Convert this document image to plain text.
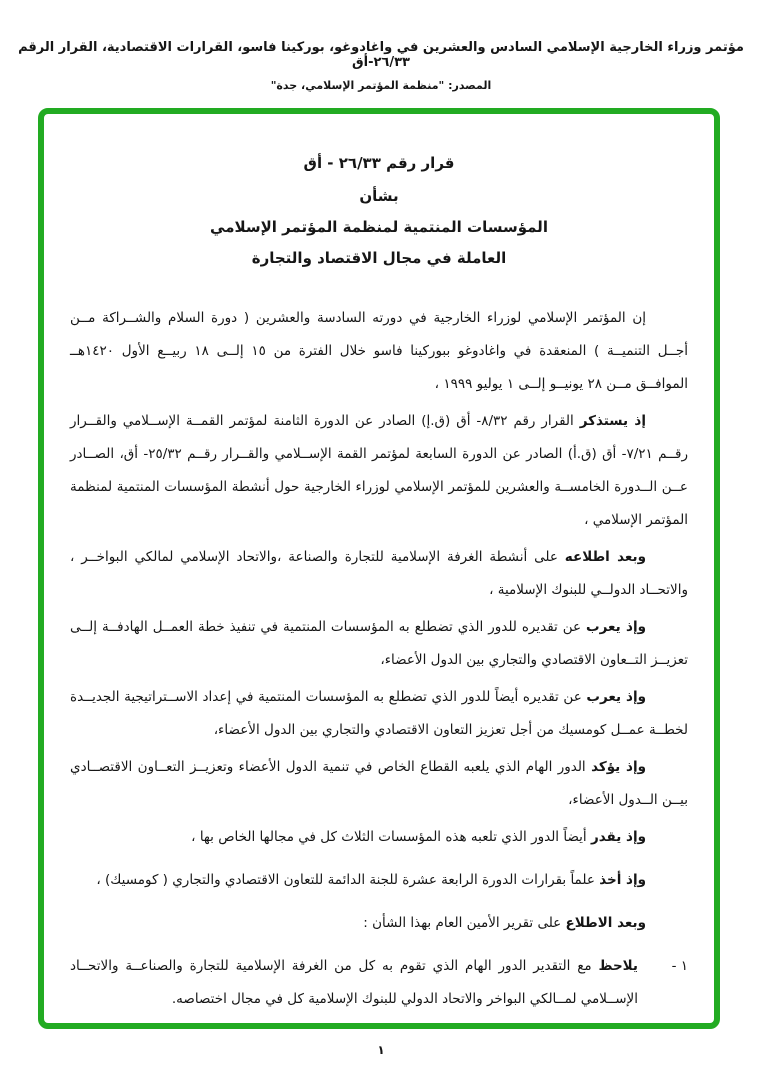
مؤتمر وزراء الخارجية الإسلامي السادس والعشرين في واغادوغو، بوركينا فاسو، القرارات الاقتصادية، القرار الرقم ٢٦/٣٣-أق
المصدر: "منظمة المؤتمر الإسلامي، جدة"
قرار رقم ٢٦/٣٣ - أق
بشأن
المؤسسات المنتمية لمنظمة المؤتمر الإسلامي
العاملة في مجال الاقتصاد والتجارة

إن المؤتمر الإسلامي لوزراء الخارجية في دورته السادسة والعشرين ( دورة السلام والشــراكة مــن أجــل التنميــة ) المنعقدة في واغادوغو ببوركينا فاسو خلال الفترة من ١٥ إلــى ١٨ ربيــع الأول ١٤٢٠هــ الموافــق مــن ٢٨ يونيــو إلــى ١ يوليو ١٩٩٩ ،

إذ يستذكر القرار رقم ٨/٣٢- أق (ق.إ) الصادر عن الدورة الثامنة لمؤتمر القمــة الإســلامي والقــرار رقــم ٧/٢١- أق (ق.أ) الصادر عن الدورة السابعة لمؤتمر القمة الإســلامي والقــرار رقــم ٢٥/٣٢- أق، الصــادر عــن الــدورة الخامســة والعشرين للمؤتمر الإسلامي لوزراء الخارجية حول أنشطة المؤسسات المنتمية لمنظمة المؤتمر الإسلامي ،

وبعد اطلاعه على أنشطة الغرفة الإسلامية للتجارة والصناعة ،والاتحاد الإسلامي لمالكي البواخــر ، والاتحــاد الدولــي للبنوك الإسلامية ،

وإذ يعرب عن تقديره للدور الذي تضطلع به المؤسسات المنتمية في تنفيذ خطة العمــل الهادفــة إلــى تعزيــز التــعاون الاقتصادي والتجاري بين الدول الأعضاء،

وإذ يعرب عن تقديره أيضاً للدور الذي تضطلع به المؤسسات المنتمية في إعداد الاســتراتيجية الجديــدة لخطــة عمــل كومسيك من أجل تعزيز التعاون الاقتصادي والتجاري بين الدول الأعضاء،

وإذ يؤكد الدور الهام الذي يلعبه القطاع الخاص في تنمية الدول الأعضاء وتعزيــز التعــاون الاقتصــادي بيــن الــدول الأعضاء،

وإذ يقدر أيضاً الدور الذي تلعبه هذه المؤسسات الثلاث كل في مجالها الخاص بها ،

وإذ أخذ علماً بقرارات الدورة الرابعة عشرة للجنة الدائمة للتعاون الاقتصادي والتجاري ( كومسيك) ،

وبعد الاطلاع على تقرير الأمين العام بهذا الشأن :

١ -

يلاحظ مع التقدير الدور الهام الذي تقوم به كل من الغرفة الإسلامية للتجارة والصناعــة والاتحــاد الإســلامي لمــالكي البواخر والاتحاد الدولي للبنوك الإسلامية كل في مجال اختصاصه.

١
